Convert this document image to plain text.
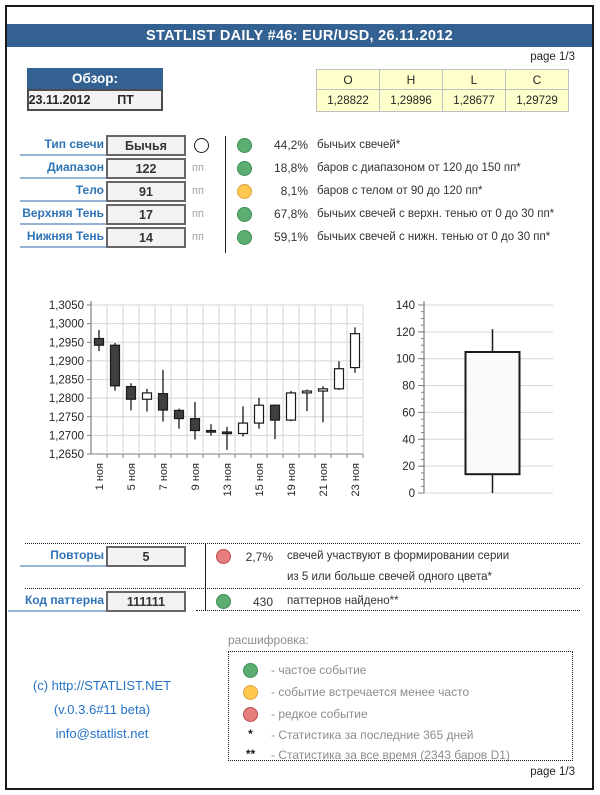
STATLIST DAILY #46: EUR/USD, 26.11.2012
page 1/3
Обзор:
23.11.2012	ПТ
O	H	L	C
1,28822	1,29896	1,28677	1,29729
Тип свечи	Бычья	44,2% бычьих свечей*
Диапазон	122	пп	18,8% баров с диапазоном от 120 до 150 пп*
Тело	91	пп	8,1% баров с телом от 90 до 120 пп*
Верхняя Тень	17	пп	67,8% бычьих свечей с верхн. тенью от 0 до 30 пп*
Нижняя Тень	14	пп	59,1% бычьих свечей с нижн. тенью от 0 до 30 пп*
1,3050
1,3000
1,2950
1,2900
1,2850
1,2800
1,2750
1,2700
1,2650
1 ноя 5 ноя 7 ноя 9 ноя 13 ноя 15 ноя 19 ноя 21 ноя 23 ноя	0
20
40
60
80
100
120
140
Повторы	5	2,7% свечей участвуют в формировании серии
из 5 или больше свечей одного цвета*
Код паттерна	111111	430 паттернов найдено**
расшифровка:
- частое событие
- событие встречается менее часто
- редкое событие
*	- Статистика за последние 365 дней
** - Статистика за все время (2343 баров D1)
page 1/3
(c) http://STATLIST.NET
(v.0.3.6#11 beta)
info@statlist.net
